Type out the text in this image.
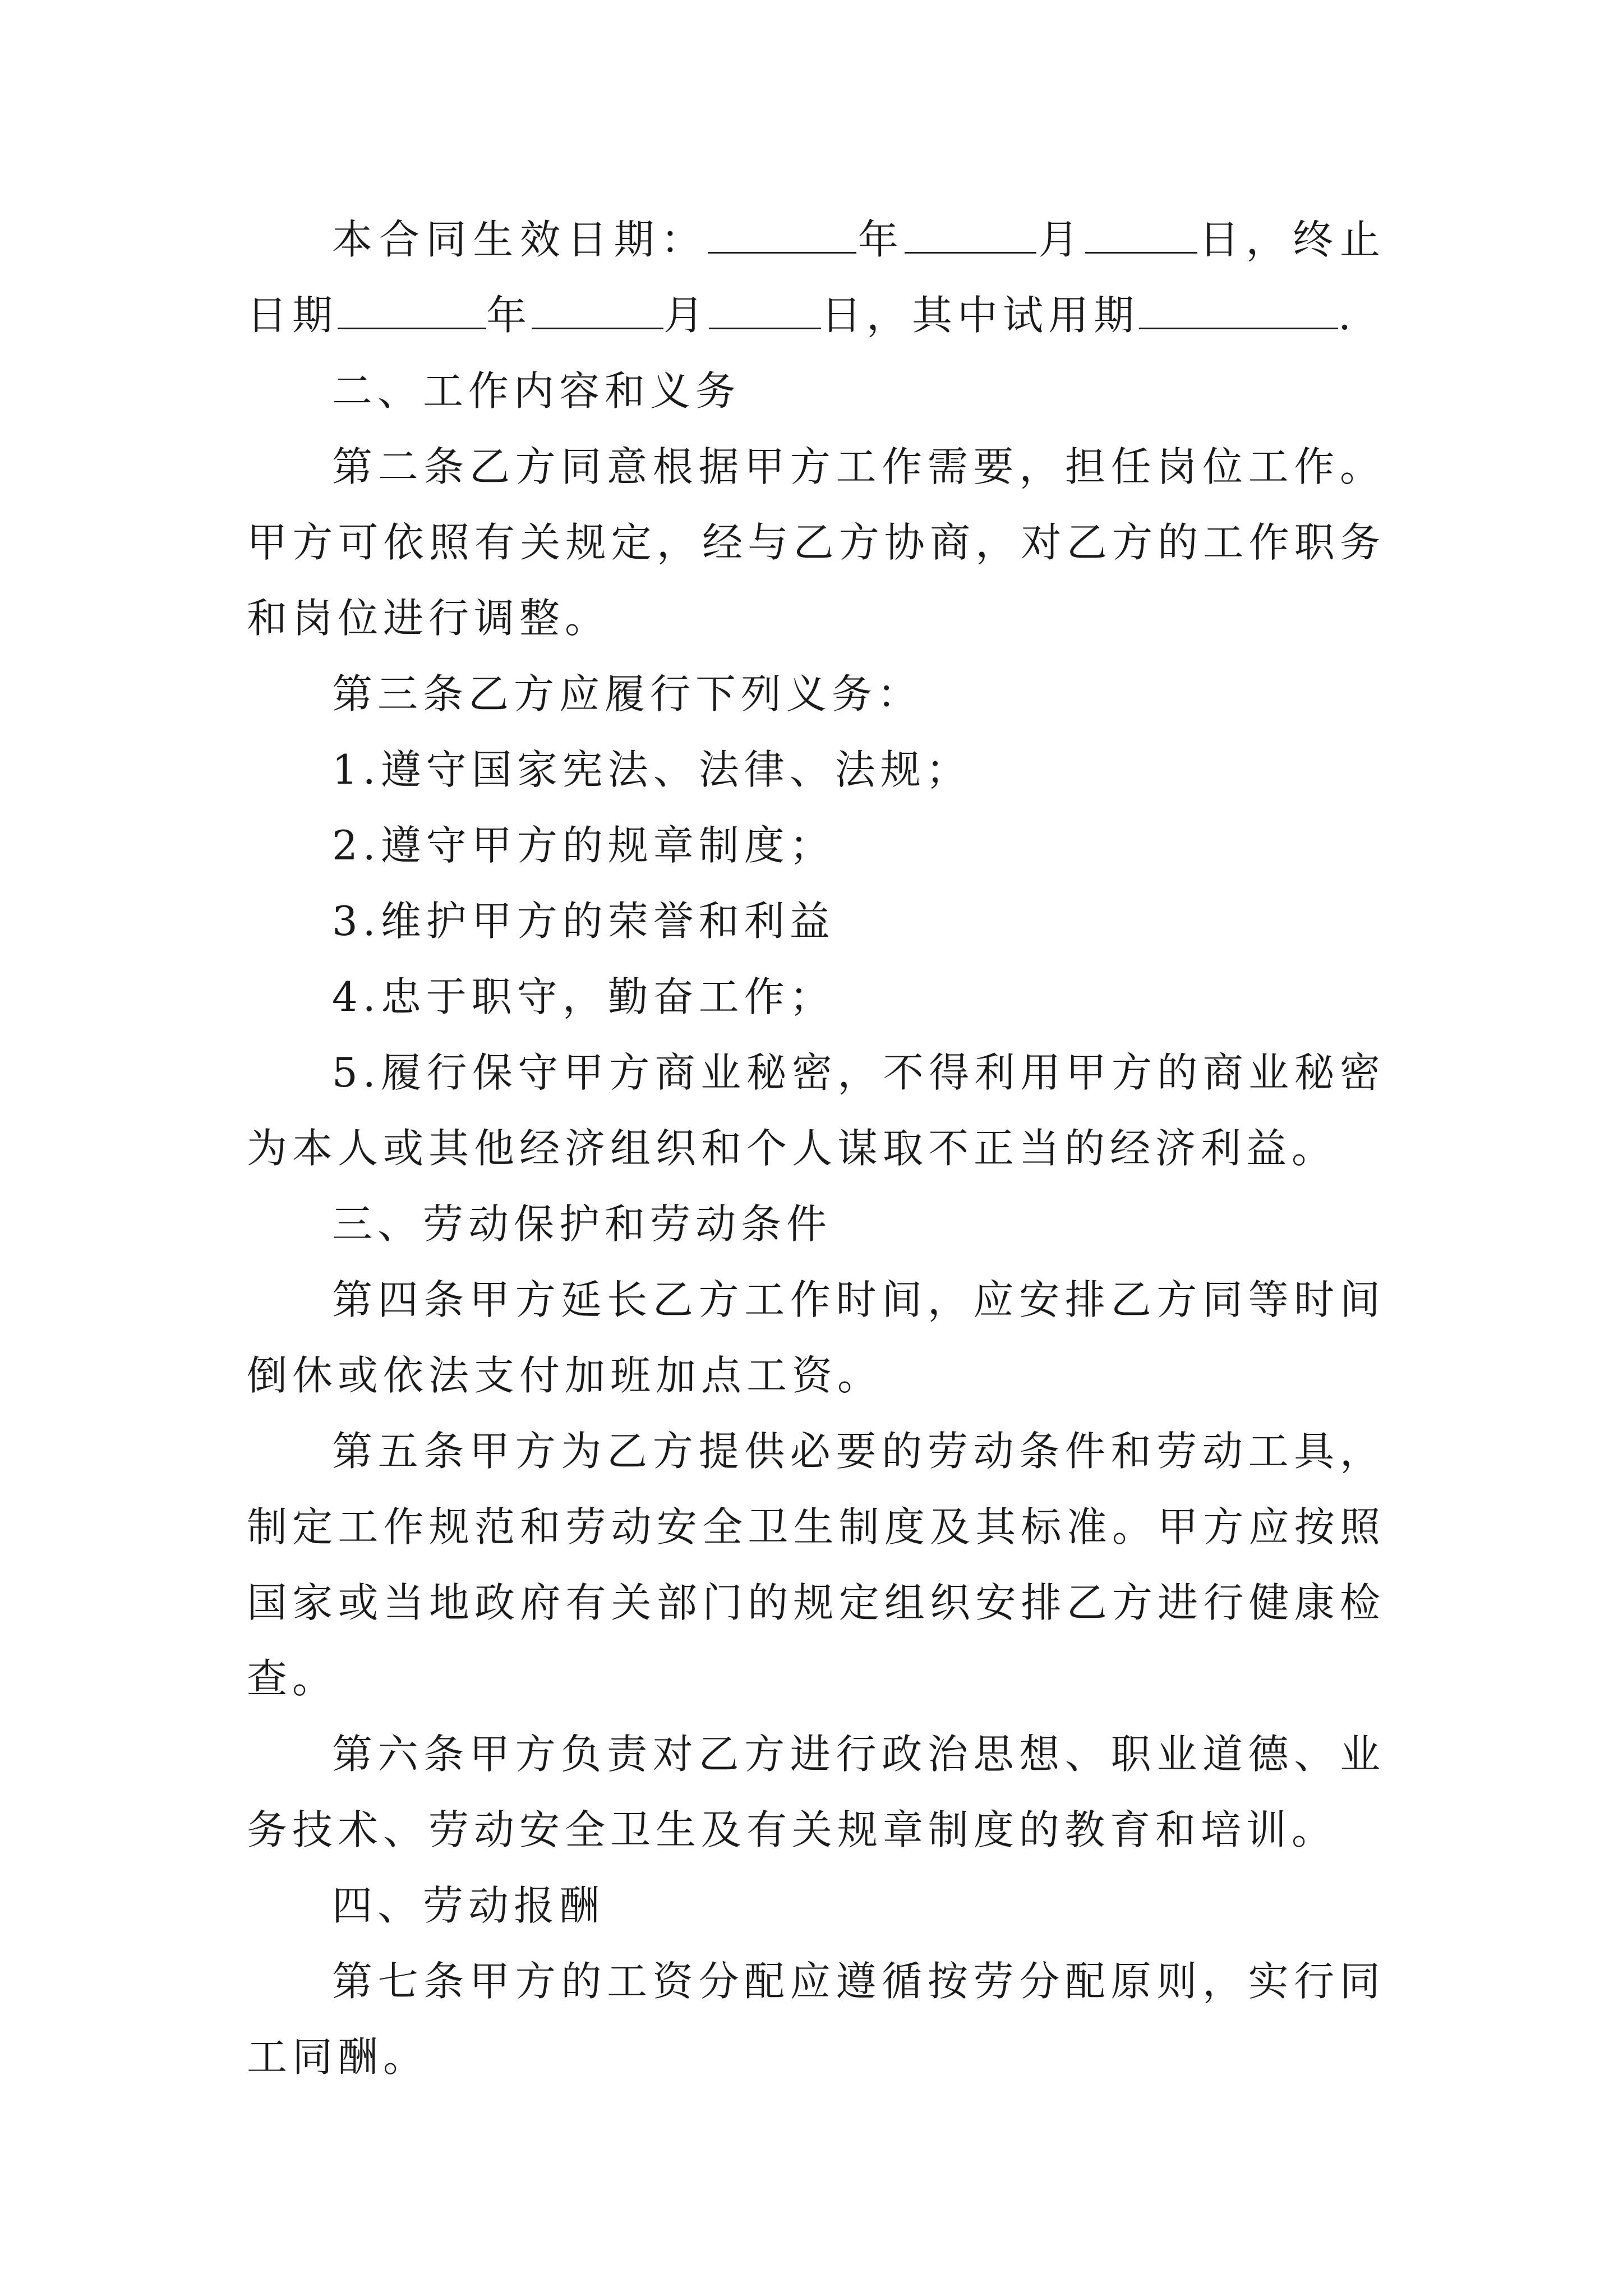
本合同生效日期：	年	月	日，终止日期	年	月	日，其中试用期	.

二、工作内容和义务

第二条乙方同意根据甲方工作需要，担任岗位工作。甲方可依照有关规定，经与乙方协商，对乙方的工作职务和岗位进行调整。

第三条乙方应履行下列义务：

1.遵守国家宪法、法律、法规；

2.遵守甲方的规章制度；

3.维护甲方的荣誉和利益

4.忠于职守，勤奋工作；

5.履行保守甲方商业秘密，不得利用甲方的商业秘密为本人或其他经济组织和个人谋取不正当的经济利益。

三、劳动保护和劳动条件

第四条甲方延长乙方工作时间，应安排乙方同等时间倒休或依法支付加班加点工资。

第五条甲方为乙方提供必要的劳动条件和劳动工具，制定工作规范和劳动安全卫生制度及其标准。甲方应按照国家或当地政府有关部门的规定组织安排乙方进行健康检查。

第六条甲方负责对乙方进行政治思想、职业道德、业务技术、劳动安全卫生及有关规章制度的教育和培训。

四、劳动报酬

第七条甲方的工资分配应遵循按劳分配原则，实行同工同酬。
